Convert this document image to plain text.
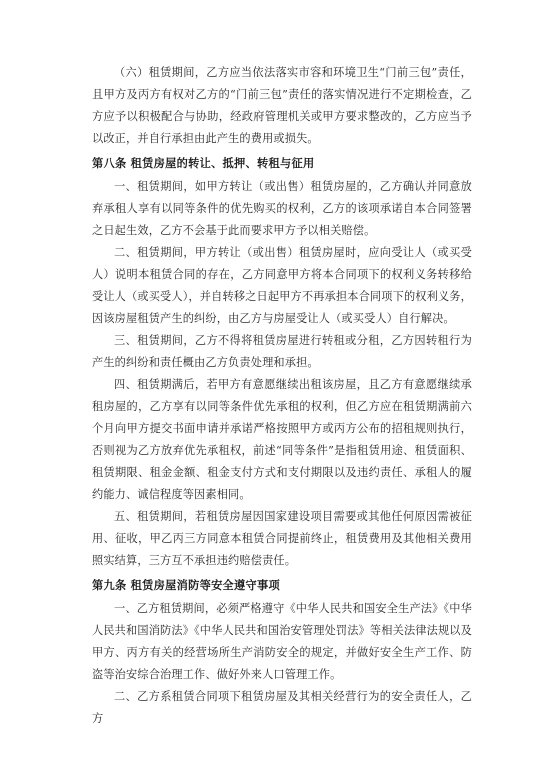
（六）租赁期间，乙方应当依法落实市容和环境卫生“门前三包”责任，且甲方及丙方有权对乙方的“门前三包”责任的落实情况进行不定期检查，乙方应予以积极配合与协助，经政府管理机关或甲方要求整改的，乙方应当予以改正，并自行承担由此产生的费用或损失。

第八条 租赁房屋的转让、抵押、转租与征用

一、租赁期间，如甲方转让（或出售）租赁房屋的，乙方确认并同意放弃承租人享有以同等条件的优先购买的权利，乙方的该项承诺自本合同签署之日起生效，乙方不会基于此而要求甲方予以相关赔偿。

二、租赁期间，甲方转让（或出售）租赁房屋时，应向受让人（或买受人）说明本租赁合同的存在，乙方同意甲方将本合同项下的权利义务转移给受让人（或买受人），并自转移之日起甲方不再承担本合同项下的权利义务，因该房屋租赁产生的纠纷，由乙方与房屋受让人（或买受人）自行解决。

三、租赁期间，乙方不得将租赁房屋进行转租或分租，乙方因转租行为产生的纠纷和责任概由乙方负责处理和承担。

四、租赁期满后，若甲方有意愿继续出租该房屋，且乙方有意愿继续承租房屋的，乙方享有以同等条件优先承租的权利，但乙方应在租赁期满前六个月向甲方提交书面申请并承诺严格按照甲方或丙方公布的招租规则执行，否则视为乙方放弃优先承租权，前述“同等条件”是指租赁用途、租赁面积、租赁期限、租金金额、租金支付方式和支付期限以及违约责任、承租人的履约能力、诚信程度等因素相同。

五、租赁期间，若租赁房屋因国家建设项目需要或其他任何原因需被征用、征收，甲乙丙三方同意本租赁合同提前终止，租赁费用及其他相关费用照实结算，三方互不承担违约赔偿责任。

第九条 租赁房屋消防等安全遵守事项

一、乙方租赁期间，必须严格遵守《中华人民共和国安全生产法》《中华人民共和国消防法》《中华人民共和国治安管理处罚法》等相关法律法规以及甲方、丙方有关的经营场所生产消防安全的规定，并做好安全生产工作、防盗等治安综合治理工作、做好外来人口管理工作。

二、乙方系租赁合同项下租赁房屋及其相关经营行为的安全责任人，乙方
